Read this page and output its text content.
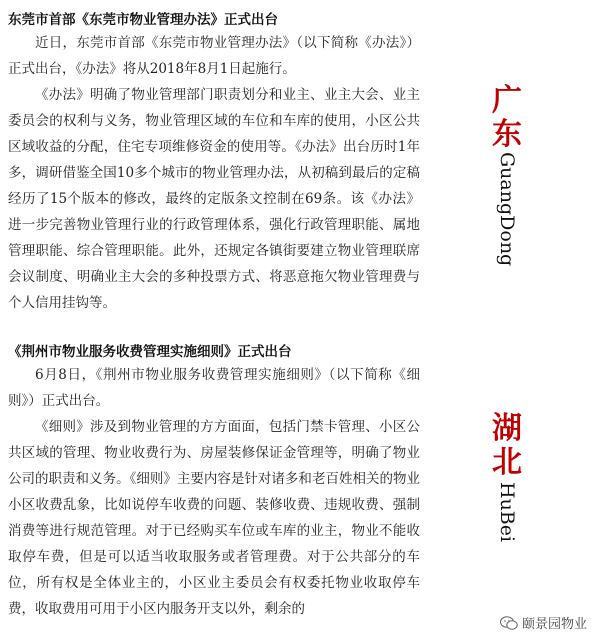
东莞市首部《东莞市物业管理办法》正式出台

近日，东莞市首部《东莞市物业管理办法》（以下简称《办法》）正式出台，《办法》将从2018年8月1日起施行。

《办法》明确了物业管理部门职责划分和业主、业主大会、业主委员会的权利与义务，物业管理区域的车位和车库的使用，小区公共区域收益的分配，住宅专项维修资金的使用等。《办法》出台历时1年多，调研借鉴全国10多个城市的物业管理办法，从初稿到最后的定稿经历了15个版本的修改，最终的定版条文控制在69条。该《办法》进一步完善物业管理行业的行政管理体系，强化行政管理职能、属地管理职能、综合管理职能。此外，还规定各镇街要建立物业管理联席会议制度、明确业主大会的多种投票方式、将恶意拖欠物业管理费与个人信用挂钩等。

《荆州市物业服务收费管理实施细则》正式出台

6月8日，《荆州市物业服务收费管理实施细则》（以下简称《细则》）正式出台。

《细则》涉及到物业管理的方方面面，包括门禁卡管理、小区公共区域的管理、物业收费行为、房屋装修保证金管理等，明确了物业公司的职责和义务。《细则》主要内容是针对诸多和老百姓相关的物业小区收费乱象，比如说停车收费的问题、装修收费、违规收费、强制消费等进行规范管理。对于已经购买车位或车库的业主，物业不能收取停车费，但是可以适当收取服务或者管理费。对于公共部分的车位，所有权是全体业主的，小区业主委员会有权委托物业收取停车费，收取费用可用于小区内服务开支以外，剩余的

广东
GuangDong
湖北
HuBei
颐景园物业
